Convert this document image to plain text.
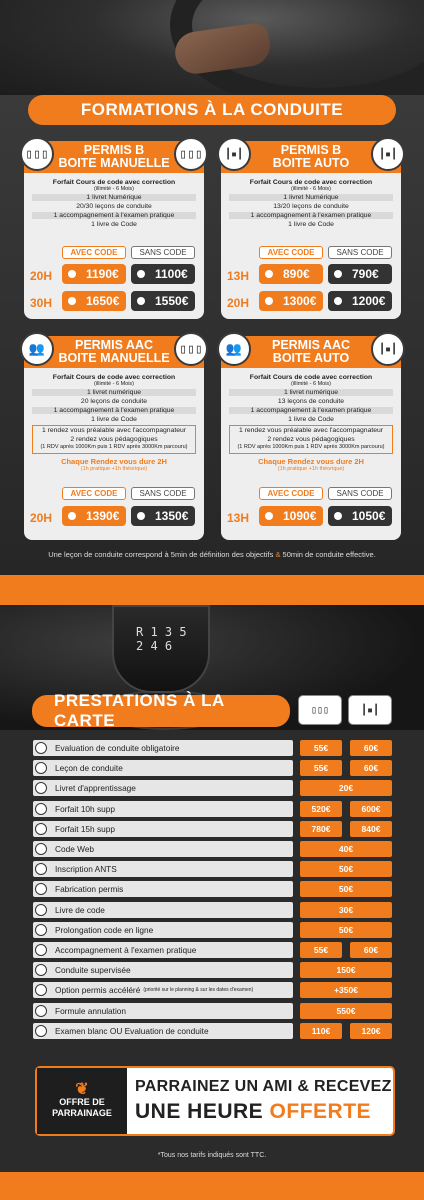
FORMATIONS À LA CONDUITE
PERMIS B
BOITE MANUELLE
▯▯▯	▯▯▯
Forfait Cours de code avec correction
(illimité - 6 Mois)
1 livret Numérique
20/30 leçons de conduite
1 accompagnement à l'examen pratique
1 livre de Code
AVEC CODE	SANS CODE
20H	1190€	1100€
30H	1650€	1550€
PERMIS B
BOITE AUTO
┃▪┃	┃▪┃
Forfait Cours de code avec correction
(illimité - 6 Mois)
1 livret Numérique
13/20 leçons de conduite
1 accompagnement à l'examen pratique
1 livre de Code
AVEC CODE	SANS CODE
13H	890€	790€
20H	1300€	1200€
PERMIS AAC
BOITE MANUELLE
👥	▯▯▯
Forfait Cours de code avec correction
(illimité - 6 Mois)
1 livret numérique
20 leçons de conduite
1 accompagnement à l'examen pratique
1 livre de Code
1 rendez vous préalable avec l'accompagnateur
2 rendez vous pédagogiques
(1 RDV après 1000Km puis 1 RDV après 3000Km parcouru)
Chaque Rendez vous dure 2H
(1h pratique +1h théorique)
AVEC CODE	SANS CODE
20H	1390€	1350€
PERMIS AAC
BOITE AUTO
👥	┃▪┃
Forfait Cours de code avec correction
(illimité - 6 Mois)
1 livret numérique
13 leçons de conduite
1 accompagnement à l'examen pratique
1 livre de Code
1 rendez vous préalable avec l'accompagnateur
2 rendez vous pédagogiques
(1 RDV après 1000Km puis 1 RDV après 3000Km parcouru)
Chaque Rendez vous dure 2H
(1h pratique +1h théorique)
AVEC CODE	SANS CODE
13H	1090€	1050€
Une leçon de conduite correspond à 5min de définition des objectifs & 50min de conduite effective.
R 1 3 5
2 4 6
PRESTATIONS À LA CARTE
▯▯▯	┃▪┃
Evaluation de conduite obligatoire	55€	60€
Leçon de conduite	55€	60€
Livret d'apprentissage	20€
Forfait 10h supp	520€	600€
Forfait 15h supp	780€	840€
Code Web	40€
Inscription ANTS	50€
Fabrication permis	50€
Livre de code	30€
Prolongation code en ligne	50€
Accompagnement à l'examen pratique	55€	60€
Conduite supervisée	150€
Option permis accéléré (priorité sur le planning & sur les dates d'examen)	+350€
Formule annulation	550€
Examen blanc OU Evaluation de conduite	110€	120€
❦
OFFRE DE
PARRAINAGE
PARRAINEZ UN AMI & RECEVEZ
UNE HEURE OFFERTE
*Tous nos tarifs indiqués sont TTC.
